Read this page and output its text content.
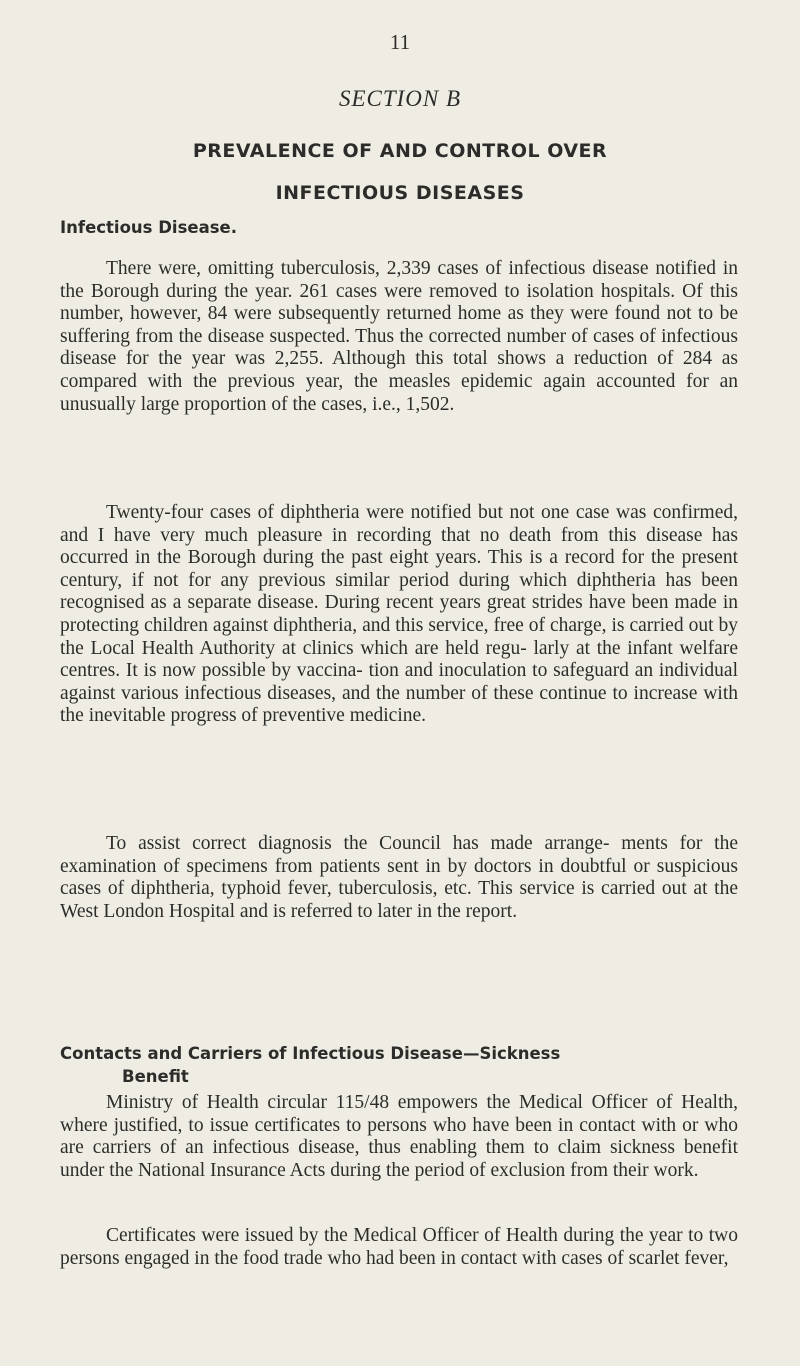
11
SECTION B
PREVALENCE OF AND CONTROL OVER
INFECTIOUS DISEASES
Infectious Disease.

There were, omitting tuberculosis, 2,339 cases of infectious disease notified in the Borough during the year. 261 cases were removed to isolation hospitals. Of this number, however, 84 were subsequently returned home as they were found not to be suffering from the disease suspected. Thus the corrected number of cases of infectious disease for the year was 2,255. Although this total shows a reduction of 284 as compared with the previous year, the measles epidemic again accounted for an unusually large proportion of the cases, i.e., 1,502.

Twenty-four cases of diphtheria were notified but not one case was confirmed, and I have very much pleasure in recording that no death from this disease has occurred in the Borough during the past eight years. This is a record for the present century, if not for any previous similar period during which diphtheria has been recognised as a separate disease. During recent years great strides have been made in protecting children against diphtheria, and this service, free of charge, is carried out by the Local Health Authority at clinics which are held regu- larly at the infant welfare centres. It is now possible by vaccina- tion and inoculation to safeguard an individual against various infectious diseases, and the number of these continue to increase with the inevitable progress of preventive medicine.

To assist correct diagnosis the Council has made arrange- ments for the examination of specimens from patients sent in by doctors in doubtful or suspicious cases of diphtheria, typhoid fever, tuberculosis, etc. This service is carried out at the West London Hospital and is referred to later in the report.

Contacts and Carriers of Infectious Disease—Sickness
Benefit

Ministry of Health circular 115/48 empowers the Medical Officer of Health, where justified, to issue certificates to persons who have been in contact with or who are carriers of an infectious disease, thus enabling them to claim sickness benefit under the National Insurance Acts during the period of exclusion from their work.

Certificates were issued by the Medical Officer of Health during the year to two persons engaged in the food trade who had been in contact with cases of scarlet fever,
